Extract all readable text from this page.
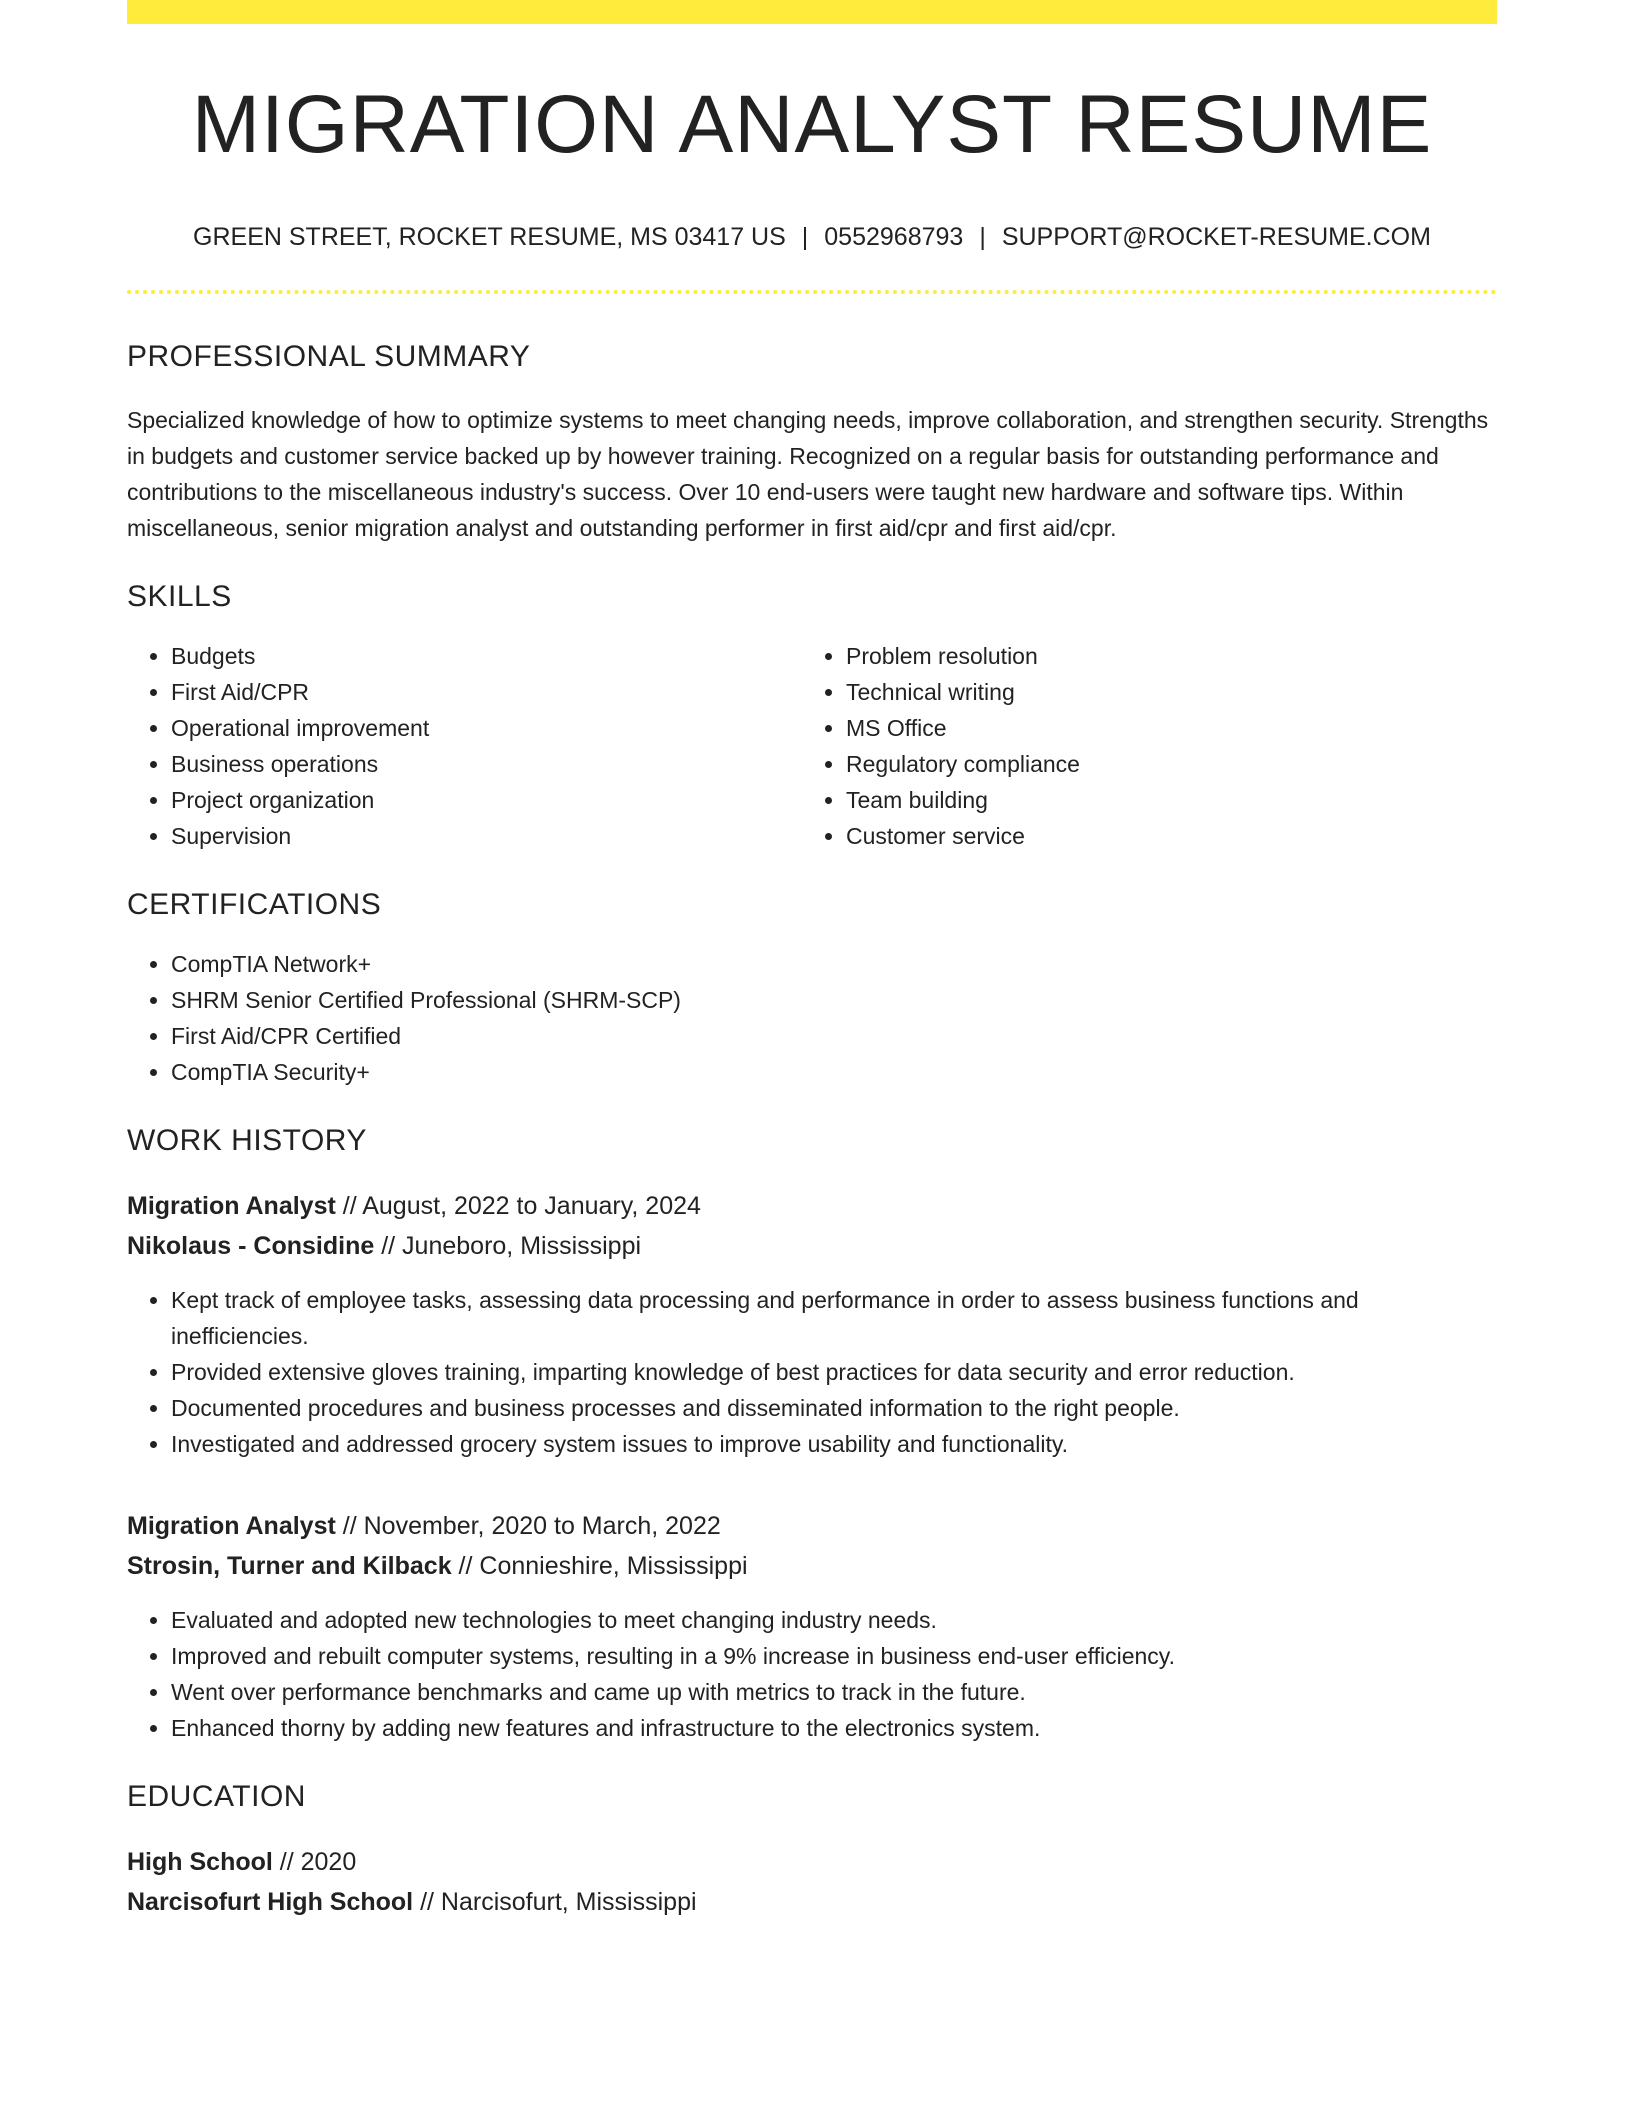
MIGRATION ANALYST RESUME
GREEN STREET, ROCKET RESUME, MS 03417 US | 0552968793 | SUPPORT@ROCKET-RESUME.COM
PROFESSIONAL SUMMARY

Specialized knowledge of how to optimize systems to meet changing needs, improve collaboration, and strengthen security. Strengths in budgets and customer service backed up by however training. Recognized on a regular basis for outstanding performance and contributions to the miscellaneous industry's success. Over 10 end-users were taught new hardware and software tips. Within miscellaneous, senior migration analyst and outstanding performer in first aid/cpr and first aid/cpr.

SKILLS
• Budgets
• First Aid/CPR
• Operational improvement
• Business operations
• Project organization
• Supervision
• Problem resolution
• Technical writing
• MS Office
• Regulatory compliance
• Team building
• Customer service
CERTIFICATIONS
• CompTIA Network+
• SHRM Senior Certified Professional (SHRM-SCP)
• First Aid/CPR Certified
• CompTIA Security+
WORK HISTORY
Migration Analyst // August, 2022 to January, 2024
Nikolaus - Considine // Juneboro, Mississippi
• Kept track of employee tasks, assessing data processing and performance in order to assess business functions and inefficiencies.
• Provided extensive gloves training, imparting knowledge of best practices for data security and error reduction.
• Documented procedures and business processes and disseminated information to the right people.
• Investigated and addressed grocery system issues to improve usability and functionality.
Migration Analyst // November, 2020 to March, 2022
Strosin, Turner and Kilback // Connieshire, Mississippi
• Evaluated and adopted new technologies to meet changing industry needs.
• Improved and rebuilt computer systems, resulting in a 9% increase in business end-user efficiency.
• Went over performance benchmarks and came up with metrics to track in the future.
• Enhanced thorny by adding new features and infrastructure to the electronics system.
EDUCATION
High School // 2020
Narcisofurt High School // Narcisofurt, Mississippi
